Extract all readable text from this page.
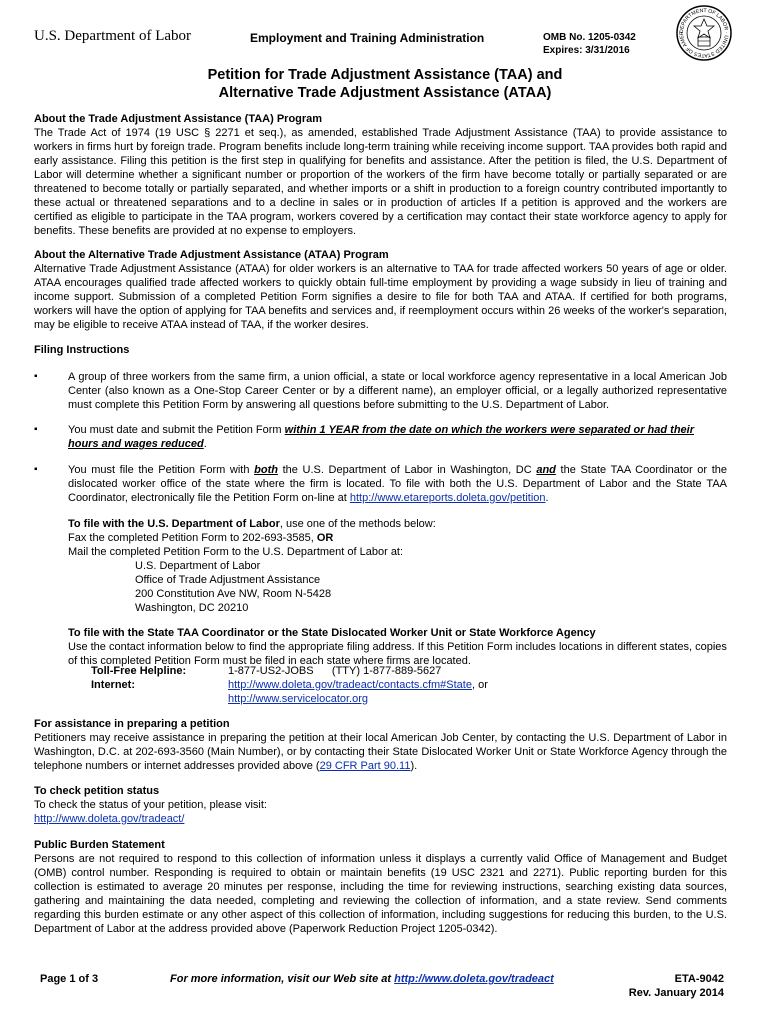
U.S. Department of Labor	Employment and Training Administration	OMB No. 1205-0342
Expires: 3/31/2016
DEPARTMENT OF LABOR · UNITED STATES OF AMER
Petition for Trade Adjustment Assistance (TAA) and
Alternative Trade Adjustment Assistance (ATAA)
About the Trade Adjustment Assistance (TAA) Program

The Trade Act of 1974 (19 USC § 2271 et seq.), as amended, established Trade Adjustment Assistance (TAA) to provide assistance to workers in firms hurt by foreign trade. Program benefits include long-term training while receiving income support. TAA provides both rapid and early assistance. Filing this petition is the first step in qualifying for benefits and assistance. After the petition is filed, the U.S. Department of Labor will determine whether a significant number or proportion of the workers of the firm have become totally or partially separated or are threatened to become totally or partially separated, and whether imports or a shift in production to a foreign country contributed importantly to these actual or threatened separations and to a decline in sales or in production of articles If a petition is approved and the workers are certified as eligible to participate in the TAA program, workers covered by a certification may contact their state workforce agency to apply for benefits. These benefits are provided at no expense to employers.

About the Alternative Trade Adjustment Assistance (ATAA) Program

Alternative Trade Adjustment Assistance (ATAA) for older workers is an alternative to TAA for trade affected workers 50 years of age or older. ATAA encourages qualified trade affected workers to quickly obtain full-time employment by providing a wage subsidy in lieu of training and income support. Submission of a completed Petition Form signifies a desire to file for both TAA and ATAA. If certified for both programs, workers will have the option of applying for TAA benefits and services and, if reemployment occurs within 26 weeks of the worker's separation, may be eligible to receive ATAA instead of TAA, if the worker desires.

Filing Instructions
▪	A group of three workers from the same firm, a union official, a state or local workforce agency representative in a local American Job Center (also known as a One-Stop Career Center or by a different name), an employer official, or a legally authorized representative must complete this Petition Form by answering all questions before submitting to the U.S. Department of Labor.

▪	You must date and submit the Petition Form within 1 YEAR from the date on which the workers were separated or had their hours and wages reduced.

▪	You must file the Petition Form with both the U.S. Department of Labor in Washington, DC and the State TAA Coordinator or the dislocated worker office of the state where the firm is located. To file with both the U.S. Department of Labor and the State TAA Coordinator, electronically file the Petition Form on-line at http://www.etareports.doleta.gov/petition.

To file with the U.S. Department of Labor, use one of the methods below:
Fax the completed Petition Form to 202-693-3585, OR
Mail the completed Petition Form to the U.S. Department of Labor at:
U.S. Department of Labor
Office of Trade Adjustment Assistance
200 Constitution Ave NW, Room N-5428
Washington, DC 20210
To file with the State TAA Coordinator or the State Dislocated Worker Unit or State Workforce Agency

Use the contact information below to find the appropriate filing address. If this Petition Form includes locations in different states, copies of this completed Petition Form must be filed in each state where firms are located.

Toll-Free Helpline:	1-877-US2-JOBS      (TTY) 1-877-889-5627
Internet:	http://www.doleta.gov/tradeact/contacts.cfm#State, or
http://www.servicelocator.org
For assistance in preparing a petition

Petitioners may receive assistance in preparing the petition at their local American Job Center, by contacting the U.S. Department of Labor in Washington, D.C. at 202-693-3560 (Main Number), or by contacting their State Dislocated Worker Unit or State Workforce Agency through the telephone numbers or internet addresses provided above (29 CFR Part 90.11).

To check petition status
To check the status of your petition, please visit:
http://www.doleta.gov/tradeact/
Public Burden Statement

Persons are not required to respond to this collection of information unless it displays a currently valid Office of Management and Budget (OMB) control number. Responding is required to obtain or maintain benefits (19 USC 2321 and 2271). Public reporting burden for this collection is estimated to average 20 minutes per response, including the time for reviewing instructions, searching existing data sources, gathering and maintaining the data needed, completing and reviewing the collection of information, and a state review. Send comments regarding this burden estimate or any other aspect of this collection of information, including suggestions for reducing this burden, to the U.S. Department of Labor at the address provided above (Paperwork Reduction Project 1205-0342).

Page 1 of 3	For more information, visit our Web site at http://www.doleta.gov/tradeact	ETA-9042
Rev. January 2014
